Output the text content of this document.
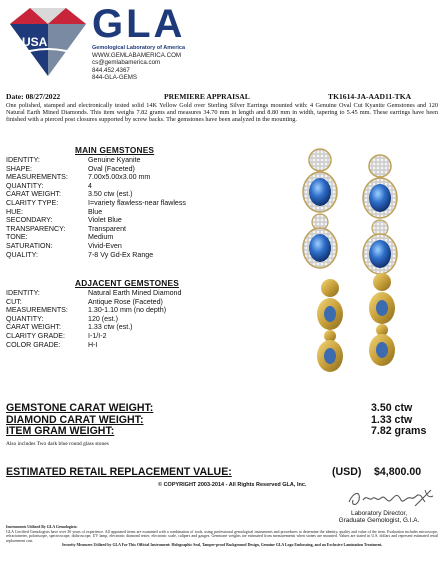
USA GLA
Gemological Laboratory of America
WWW.GEMLABAMERICA.COM
cs@gemlabamerica.com
844.452.4367
844-GLA-GEMS
Date: 08/27/2022	PREMIERE APPRAISAL	TK1614-JA-AAD11-TKA
One polished, stamped and electronically tested solid 14K Yellow Gold over Sterling Silver Earrings mounted with: 4 Genuine Oval Cut Kyanite Gemstones and 120 Natural Earth Mined Diamonds. This item weighs 7.82 grams and measures 34.70 mm in length and 8.80 mm in width, tapering to 5.45 mm. These earrings have been finished with a pierced post closures supported by screw backs. The gemstones have been analyzed in the mounting.
MAIN GEMSTONES
IDENTITY:	Genuine Kyanite
SHAPE:	Oval (Faceted)
MEASUREMENTS:	7.00x5.00x3.00 mm
QUANTITY:	4
CARAT WEIGHT:	3.50 ctw (est.)
CLARITY TYPE:	I=variety flawless-near flawless
HUE:	Blue
SECONDARY:	Violet Blue
TRANSPARENCY:	Transparent
TONE:	Medium
SATURATION:	Vivid-Even
QUALITY:	7-8 Vy Gd-Ex Range
ADJACENT GEMSTONES
IDENTITY:	Natural Earth Mined Diamond
CUT:	Antique Rose (Faceted)
MEASUREMENTS:	1.30-1.10 mm (no depth)
QUANTITY:	120 (est.)
CARAT WEIGHT:	1.33 ctw (est.)
CLARITY GRADE:	I-1/I-2
COLOR GRADE:	H-I
GEMSTONE CARAT WEIGHT:	3.50 ctw
DIAMOND CARAT WEIGHT:	1.33 ctw
ITEM GRAM WEIGHT:	7.82 grams
Also includes Two dark blue round glass stones
ESTIMATED RETAIL REPLACEMENT VALUE:	(USD) $4,800.00
© COPYRIGHT 2003-2014 - All Rights Reserved GLA, Inc.
Laboratory Director,
Graduate Gemologist, G.I.A.
Instruments Utilized By GLA Gemologists:
GLA Certified Gemologists have over 30 years of experience. All appraised items are examined with a combination of tools, using professional gemological instruments and procedures to determine the identity, quality and value of the item. Evaluation includes microscope, refractometer, polariscope, spectroscope, dichroscope, UV lamp, electronic diamond tester, electronic scale, calipers and gauges. Gemstone weights are estimated from measurements when stones are mounted. Values are stated in U.S. dollars and represent estimated retail replacement cost.
Security Measures Utilized by GLA For This Official Instrument: Holographic Seal, Tamper-proof Background Design, Genuine GLA Logo Embossing, and an Exclusive Lamination Treatment.
